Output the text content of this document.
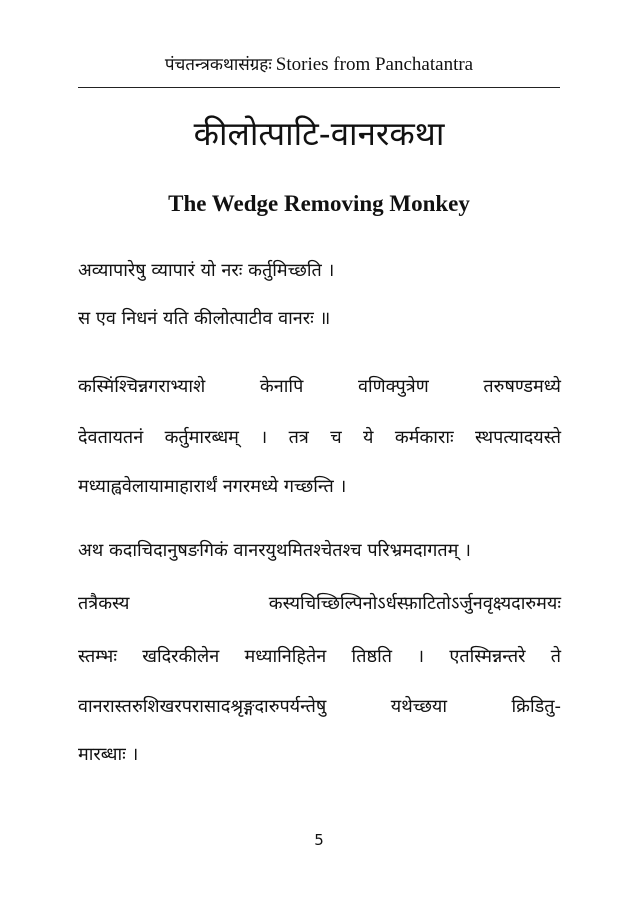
पंचतन्त्रकथासंग्रहः Stories from Panchatantra
कीलोत्पाटि-वानरकथा
The Wedge Removing Monkey
अव्यापारेषु व्यापारं यो नरः कर्तुमिच्छति ।
स एव निधनं यति कीलोत्पाटीव वानरः ॥
कस्मिंश्चिन्नगराभ्याशे केनापि वणिक्पुत्रेण तरुषण्डमध्ये
देवतायतनं कर्तुमारब्धम् । तत्र च ये कर्मकाराः स्थपत्यादयस्ते
मध्याह्ववेलायामाहारार्थं नगरमध्ये गच्छन्ति ।
अथ कदाचिदानुषङगिकं वानरयुथमितश्चेतश्च परिभ्रमदागतम् ।
तत्रैकस्य कस्यचिच्छिल्पिनोऽर्धस्फ़ाटितोऽर्जुनवृक्ष्यदारुमयः
स्तम्भः खदिरकीलेन मध्यानिहितेन तिष्ठति । एतस्मिन्नन्तरे ते
वानरास्तरुशिखरपरासादश्रृङ्गदारुपर्यन्तेषु यथेच्छया क्रिडितु-
मारब्धाः ।
5
